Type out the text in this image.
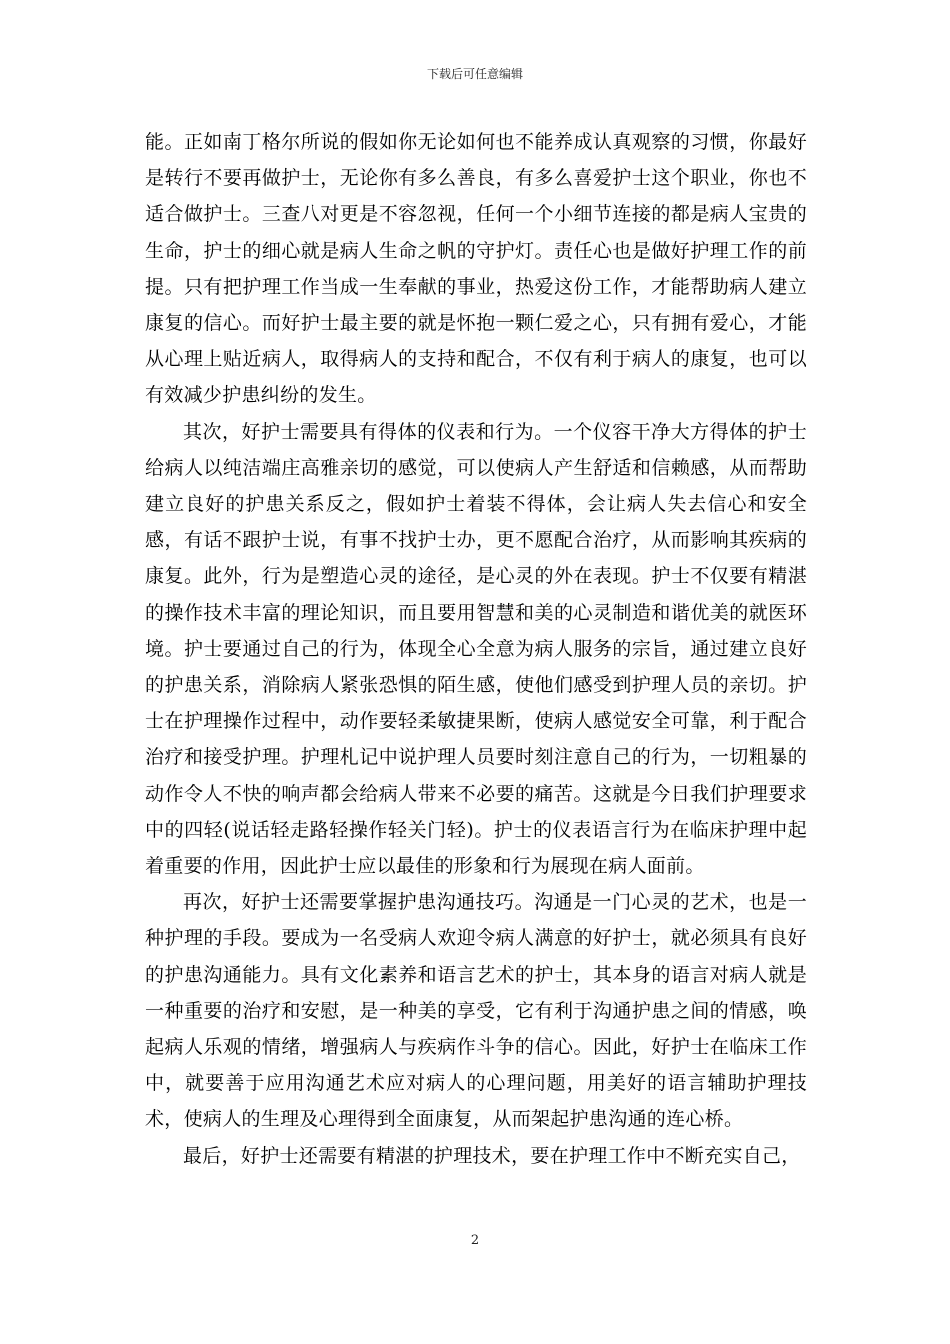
下载后可任意编辑

能。正如南丁格尔所说的假如你无论如何也不能养成认真观察的习惯，你最好是转行不要再做护士，无论你有多么善良，有多么喜爱护士这个职业，你也不适合做护士。三查八对更是不容忽视，任何一个小细节连接的都是病人宝贵的生命，护士的细心就是病人生命之帆的守护灯。责任心也是做好护理工作的前提。只有把护理工作当成一生奉献的事业，热爱这份工作，才能帮助病人建立康复的信心。而好护士最主要的就是怀抱一颗仁爱之心，只有拥有爱心，才能从心理上贴近病人，取得病人的支持和配合，不仅有利于病人的康复，也可以有效减少护患纠纷的发生。

其次，好护士需要具有得体的仪表和行为。一个仪容干净大方得体的护士给病人以纯洁端庄高雅亲切的感觉，可以使病人产生舒适和信赖感，从而帮助建立良好的护患关系反之，假如护士着装不得体，会让病人失去信心和安全感，有话不跟护士说，有事不找护士办，更不愿配合治疗，从而影响其疾病的康复。此外，行为是塑造心灵的途径，是心灵的外在表现。护士不仅要有精湛的操作技术丰富的理论知识，而且要用智慧和美的心灵制造和谐优美的就医环境。护士要通过自己的行为，体现全心全意为病人服务的宗旨，通过建立良好的护患关系，消除病人紧张恐惧的陌生感，使他们感受到护理人员的亲切。护士在护理操作过程中，动作要轻柔敏捷果断，使病人感觉安全可靠，利于配合治疗和接受护理。护理札记中说护理人员要时刻注意自己的行为，一切粗暴的动作令人不快的响声都会给病人带来不必要的痛苦。这就是今日我们护理要求中的四轻(说话轻走路轻操作轻关门轻)。护士的仪表语言行为在临床护理中起着重要的作用，因此护士应以最佳的形象和行为展现在病人面前。

再次，好护士还需要掌握护患沟通技巧。沟通是一门心灵的艺术，也是一种护理的手段。要成为一名受病人欢迎令病人满意的好护士，就必须具有良好的护患沟通能力。具有文化素养和语言艺术的护士，其本身的语言对病人就是一种重要的治疗和安慰，是一种美的享受，它有利于沟通护患之间的情感，唤起病人乐观的情绪，增强病人与疾病作斗争的信心。因此，好护士在临床工作中，就要善于应用沟通艺术应对病人的心理问题，用美好的语言辅助护理技术，使病人的生理及心理得到全面康复，从而架起护患沟通的连心桥。

最后，好护士还需要有精湛的护理技术，要在护理工作中不断充实自己，

2
